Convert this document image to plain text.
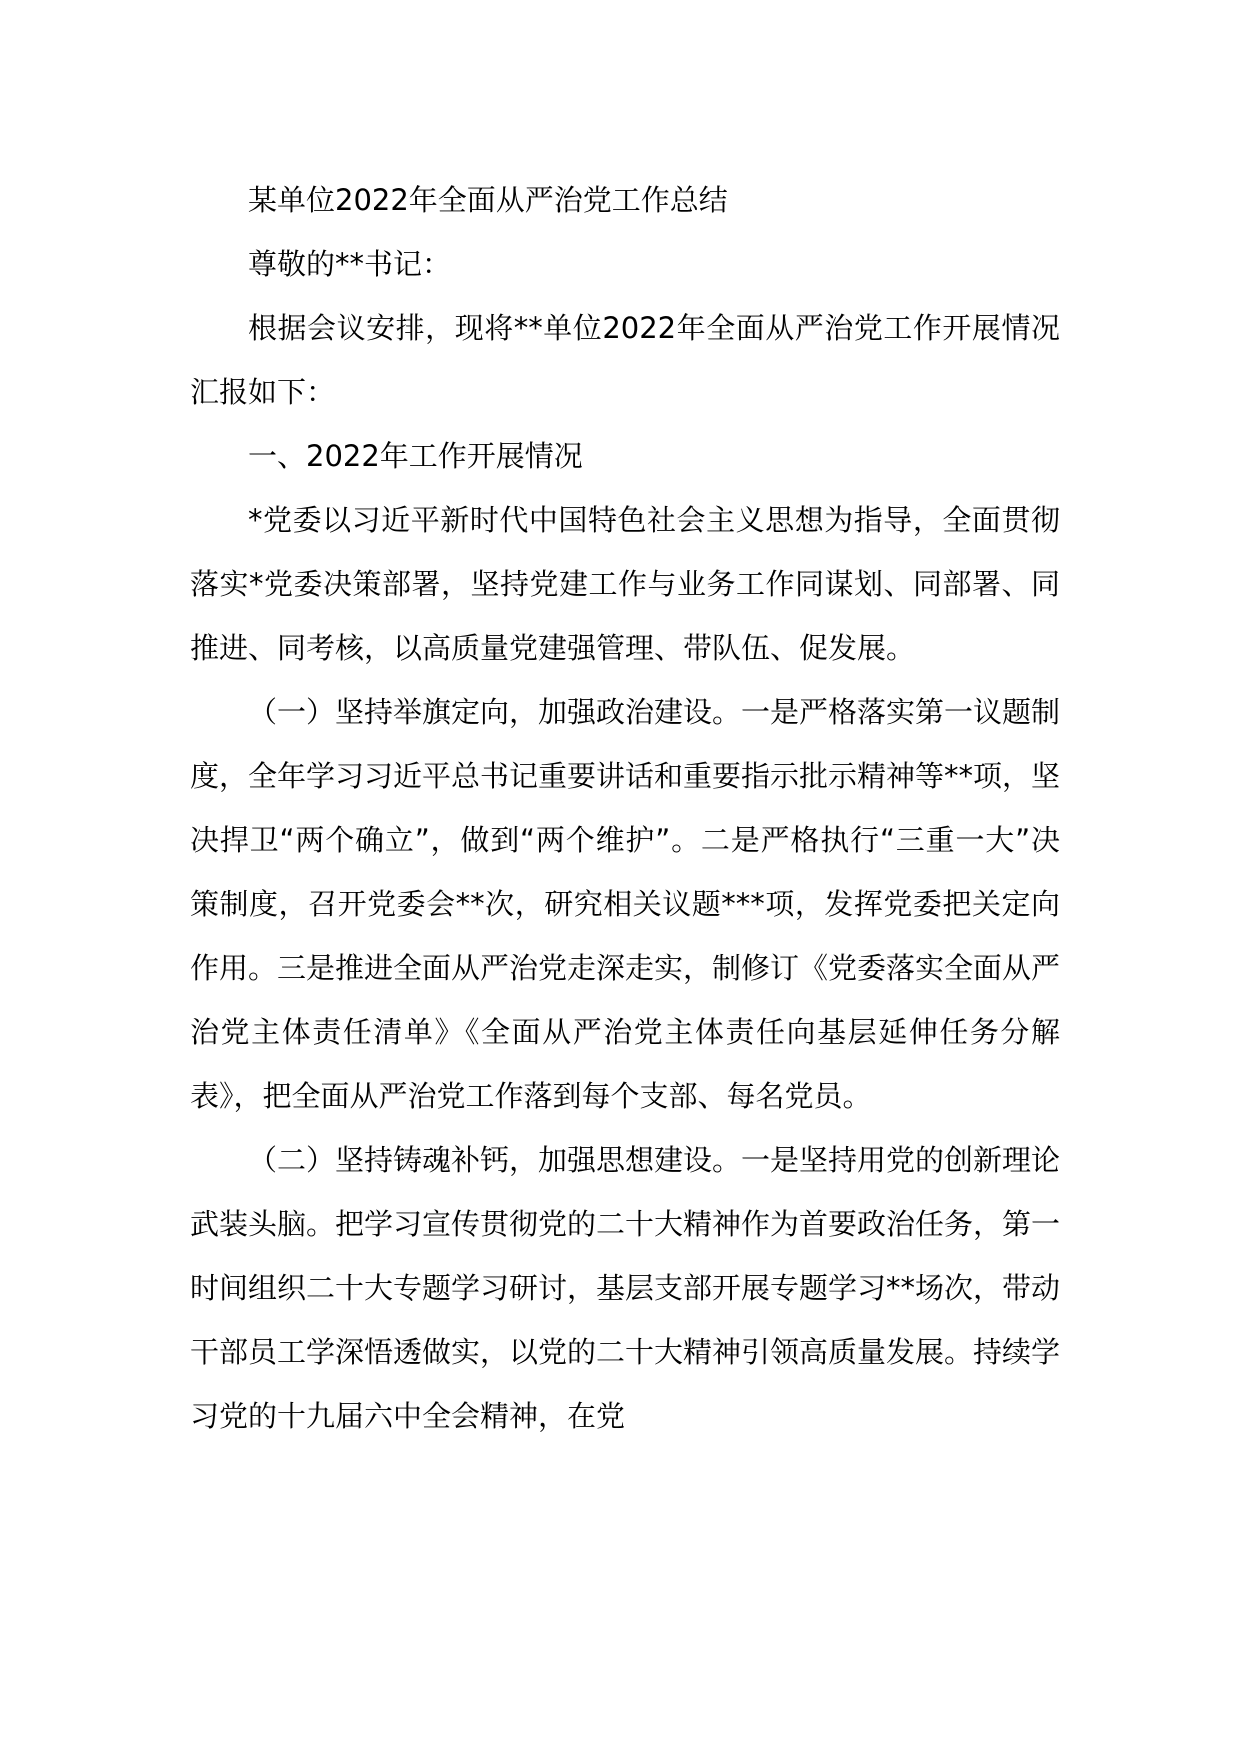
某单位2022年全面从严治党工作总结

尊敬的**书记：

根据会议安排，现将**单位2022年全面从严治党工作开展情况汇报如下：

一、2022年工作开展情况

*党委以习近平新时代中国特色社会主义思想为指导，全面贯彻落实*党委决策部署，坚持党建工作与业务工作同谋划、同部署、同推进、同考核，以高质量党建强管理、带队伍、促发展。

（一）坚持举旗定向，加强政治建设。一是严格落实第一议题制度，全年学习习近平总书记重要讲话和重要指示批示精神等**项，坚决捍卫“两个确立”，做到“两个维护”。二是严格执行“三重一大”决策制度，召开党委会**次，研究相关议题***项，发挥党委把关定向作用。三是推进全面从严治党走深走实，制修订《党委落实全面从严治党主体责任清单》《全面从严治党主体责任向基层延伸任务分解表》，把全面从严治党工作落到每个支部、每名党员。

（二）坚持铸魂补钙，加强思想建设。一是坚持用党的创新理论武装头脑。把学习宣传贯彻党的二十大精神作为首要政治任务，第一时间组织二十大专题学习研讨，基层支部开展专题学习**场次，带动干部员工学深悟透做实，以党的二十大精神引领高质量发展。持续学习党的十九届六中全会精神，在党
